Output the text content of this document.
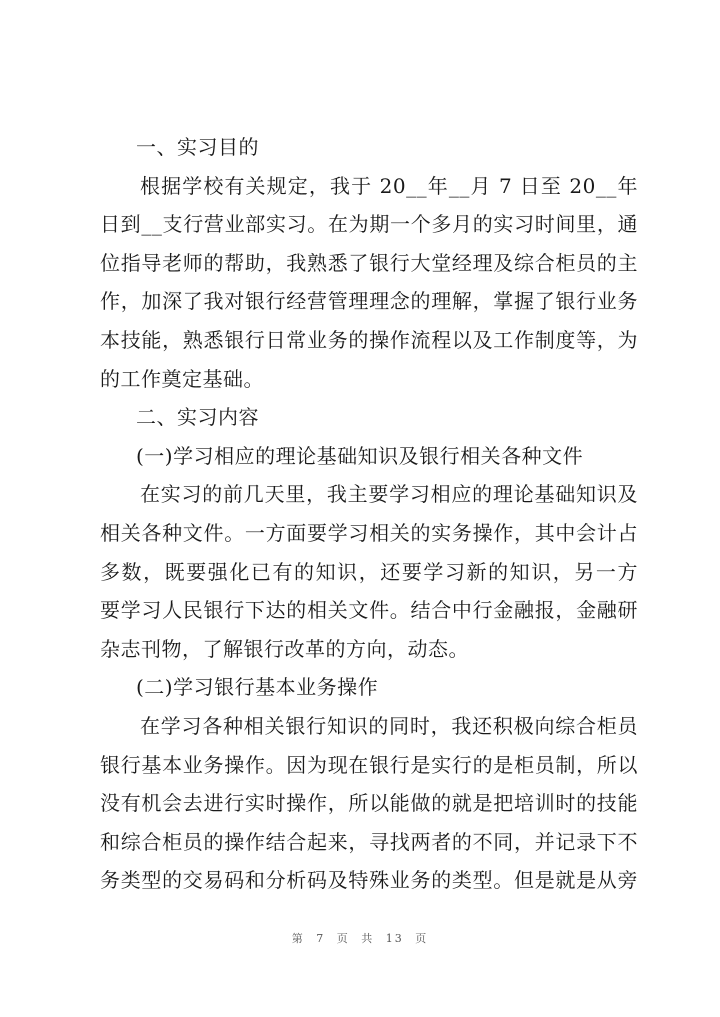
一、实习目的
根据学校有关规定，我于 20__年__月 7 日至 20__年
日到__支行营业部实习。在为期一个多月的实习时间里，通
位指导老师的帮助，我熟悉了银行大堂经理及综合柜员的主
作，加深了我对银行经营管理理念的理解，掌握了银行业务
本技能，熟悉银行日常业务的操作流程以及工作制度等，为
的工作奠定基础。
二、实习内容
(一)学习相应的理论基础知识及银行相关各种文件
在实习的前几天里，我主要学习相应的理论基础知识及
相关各种文件。一方面要学习相关的实务操作，其中会计占
多数，既要强化已有的知识，还要学习新的知识，另一方
要学习人民银行下达的相关文件。结合中行金融报，金融研
杂志刊物，了解银行改革的方向，动态。
(二)学习银行基本业务操作
在学习各种相关银行知识的同时，我还积极向综合柜员
银行基本业务操作。因为现在银行是实行的是柜员制，所以
没有机会去进行实时操作，所以能做的就是把培训时的技能
和综合柜员的操作结合起来，寻找两者的不同，并记录下不
务类型的交易码和分析码及特殊业务的类型。但是就是从旁
第 7 页 共 13 页
